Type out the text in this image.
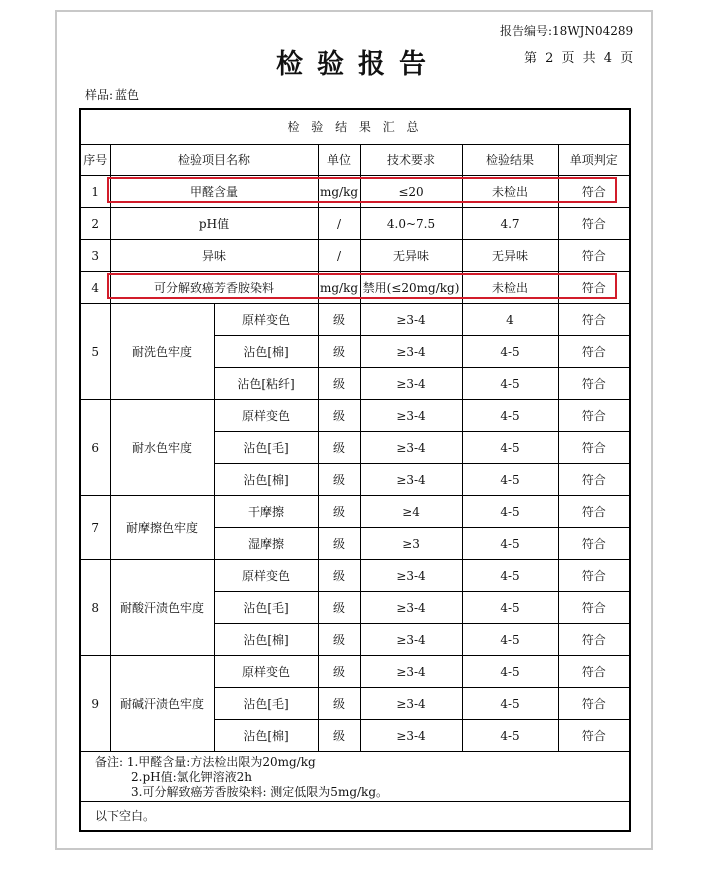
报告编号:18WJN04289
检验报告	第 2 页 共 4 页
样品: 蓝色
检 验 结 果 汇 总						
序号	检验项目名称		单位	技术要求	检验结果	单项判定
1	甲醛含量		mg/kg	≤20	未检出	符合
2	pH值		/	4.0~7.5	4.7	符合
3	异味		/	无异味	无异味	符合
4	可分解致癌芳香胺染料		mg/kg	禁用(≤20mg/kg)	未检出	符合
5	耐洗色牢度	原样变色	级	≥3-4	4	符合
		沾色[棉]	级	≥3-4	4-5	符合
		沾色[粘纤]	级	≥3-4	4-5	符合
6	耐水色牢度	原样变色	级	≥3-4	4-5	符合
		沾色[毛]	级	≥3-4	4-5	符合
		沾色[棉]	级	≥3-4	4-5	符合
7	耐摩擦色牢度	干摩擦	级	≥4	4-5	符合
		湿摩擦	级	≥3	4-5	符合
8	耐酸汗渍色牢度	原样变色	级	≥3-4	4-5	符合
		沾色[毛]	级	≥3-4	4-5	符合
		沾色[棉]	级	≥3-4	4-5	符合
9	耐碱汗渍色牢度	原样变色	级	≥3-4	4-5	符合
		沾色[毛]	级	≥3-4	4-5	符合
		沾色[棉]	级	≥3-4	4-5	符合

备注: 1.甲醛含量:方法检出限为20mg/kg
2.pH值:氯化钾溶液2h
3.可分解致癌芳香胺染料: 测定低限为5mg/kg。						

以下空白。						
